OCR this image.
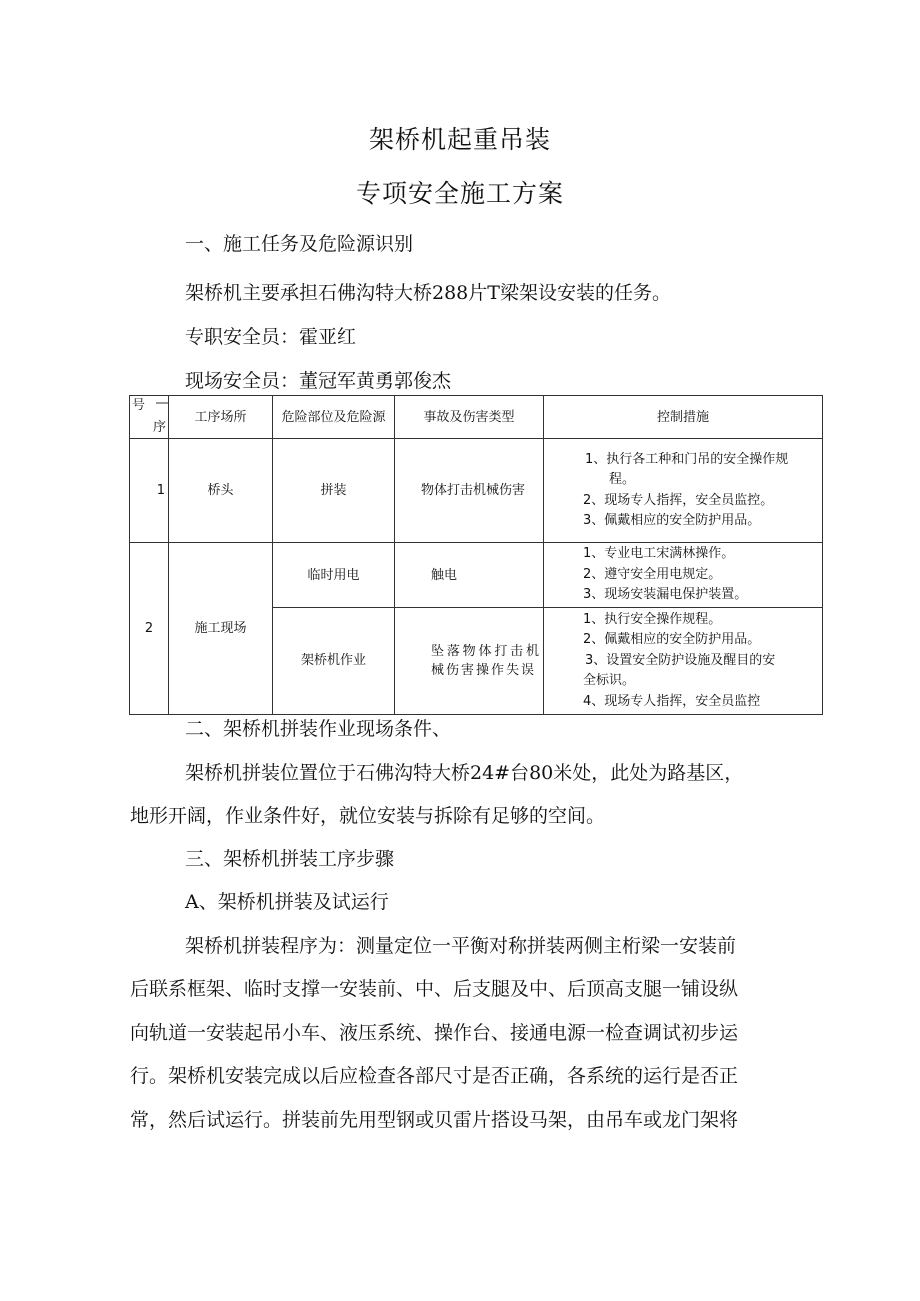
架桥机起重吊装
专项安全施工方案
一、施工任务及危险源识别
架桥机主要承担石佛沟特大桥288片T梁架设安装的任务。
专职安全员：霍亚红
现场安全员：董冠军黄勇郭俊杰
号
序	工序场所	危险部位及危险源	事故及伤害类型	控制措施
1	桥头	拼装	物体打击机械伤害	1、执行各工种和门吊的安全操作规

程。

2、现场专人指挥，安全员监控。

3、佩戴相应的安全防护用品。

2	施工现场	临时用电	触电	1、专业电工宋满林操作。

2、遵守安全用电规定。

3、现场安装漏电保护装置。

		架桥机作业	坠落物体打击机械伤害操作失误	1、执行安全操作规程。

2、佩戴相应的安全防护用品。

3、设置安全防护设施及醒目的安

全标识。

4、现场专人指挥，安全员监控

二、架桥机拼装作业现场条件、
架桥机拼装位置位于石佛沟特大桥24#台80米处，此处为路基区，
地形开阔，作业条件好，就位安装与拆除有足够的空间。
三、架桥机拼装工序步骤
A、架桥机拼装及试运行
架桥机拼装程序为：测量定位一平衡对称拼装两侧主桁梁一安装前
后联系框架、临时支撑一安装前、中、后支腿及中、后顶高支腿一铺设纵
向轨道一安装起吊小车、液压系统、操作台、接通电源一检查调试初步运
行。架桥机安装完成以后应检查各部尺寸是否正确，各系统的运行是否正
常，然后试运行。拼装前先用型钢或贝雷片搭设马架，由吊车或龙门架将
